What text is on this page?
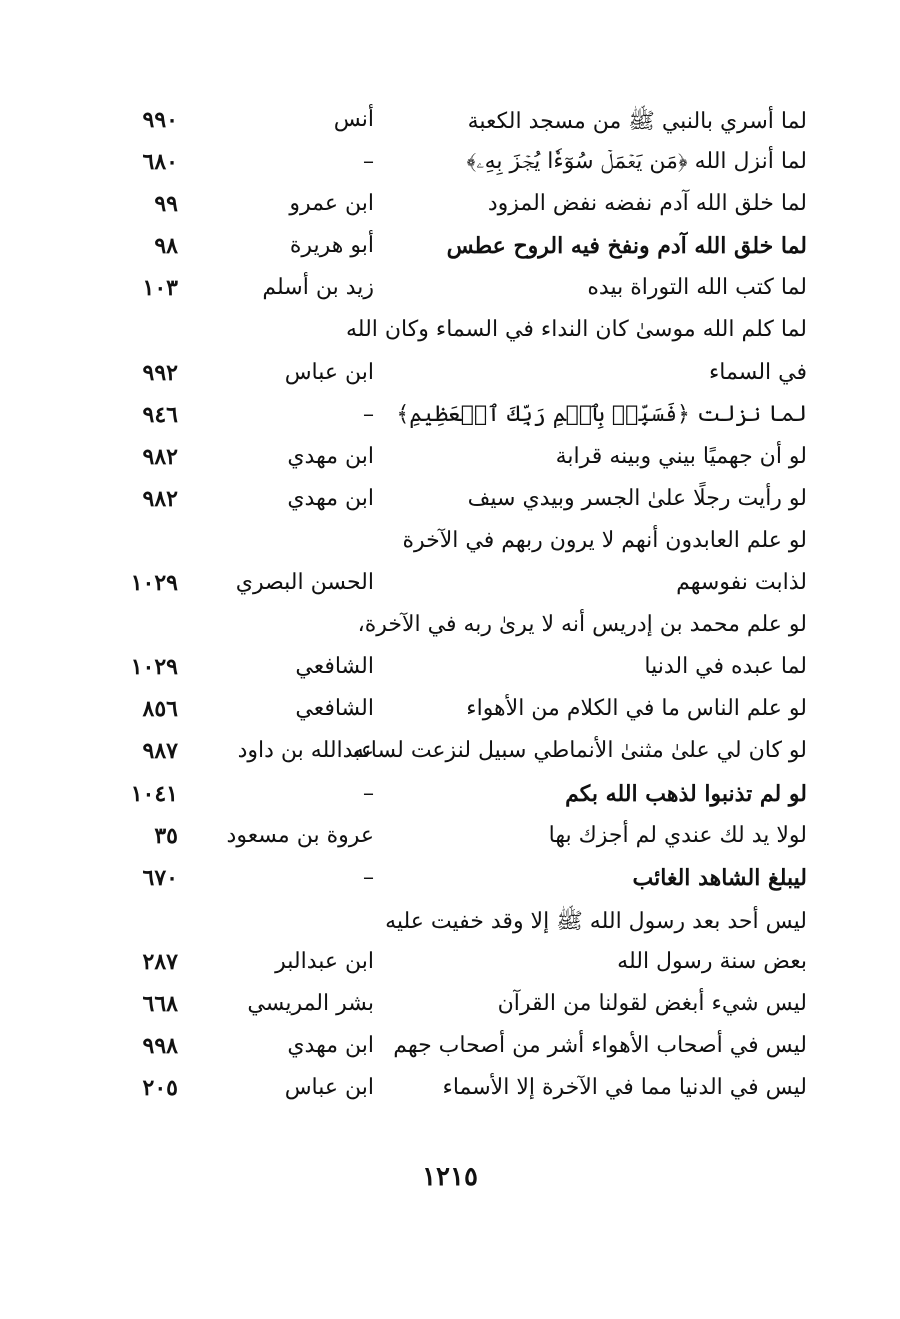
لما أسري بالنبي ﷺ من مسجد الكعبة
أنس
٩٩٠
لما أنزل الله ﴿مَن يَعۡمَلۡ سُوٓءٗا يُجۡزَ بِهِۦ﴾
–
٦٨٠
لما خلق الله آدم نفضه نفض المزود
ابن عمرو
٩٩
لما خلق الله آدم ونفخ فيه الروح عطس
أبو هريرة
٩٨
لما كتب الله التوراة بيده
زيد بن أسلم
١٠٣
لما كلم الله موسىٰ كان النداء في السماء وكان الله
في السماء
ابن عباس
٩٩٢
لما نزلت ﴿فَسَبِّحۡ بِٱسۡمِ رَبِّكَ ٱلۡعَظِيمِ﴾
–
٩٤٦
لو أن جهميًا بيني وبينه قرابة
ابن مهدي
٩٨٢
لو رأيت رجلًا علىٰ الجسر وبيدي سيف
ابن مهدي
٩٨٢
لو علم العابدون أنهم لا يرون ربهم في الآخرة
لذابت نفوسهم
الحسن البصري
١٠٢٩
لو علم محمد بن إدريس أنه لا يرىٰ ربه في الآخرة،
لما عبده في الدنيا
الشافعي
١٠٢٩
لو علم الناس ما في الكلام من الأهواء
الشافعي
٨٥٦
لو كان لي علىٰ مثنىٰ الأنماطي سبيل لنزعت لسانه
عبدالله بن داود
٩٨٧
لو لم تذنبوا لذهب الله بكم
–
١٠٤١
لولا يد لك عندي لم أجزك بها
عروة بن مسعود
٣٥
ليبلغ الشاهد الغائب
–
٦٧٠
ليس أحد بعد رسول الله ﷺ إلا وقد خفيت عليه
بعض سنة رسول الله
ابن عبدالبر
٢٨٧
ليس شيء أبغض لقولنا من القرآن
بشر المريسي
٦٦٨
ليس في أصحاب الأهواء أشر من أصحاب جهم
ابن مهدي
٩٩٨
ليس في الدنيا مما في الآخرة إلا الأسماء
ابن عباس
٢٠٥
١٢١٥
